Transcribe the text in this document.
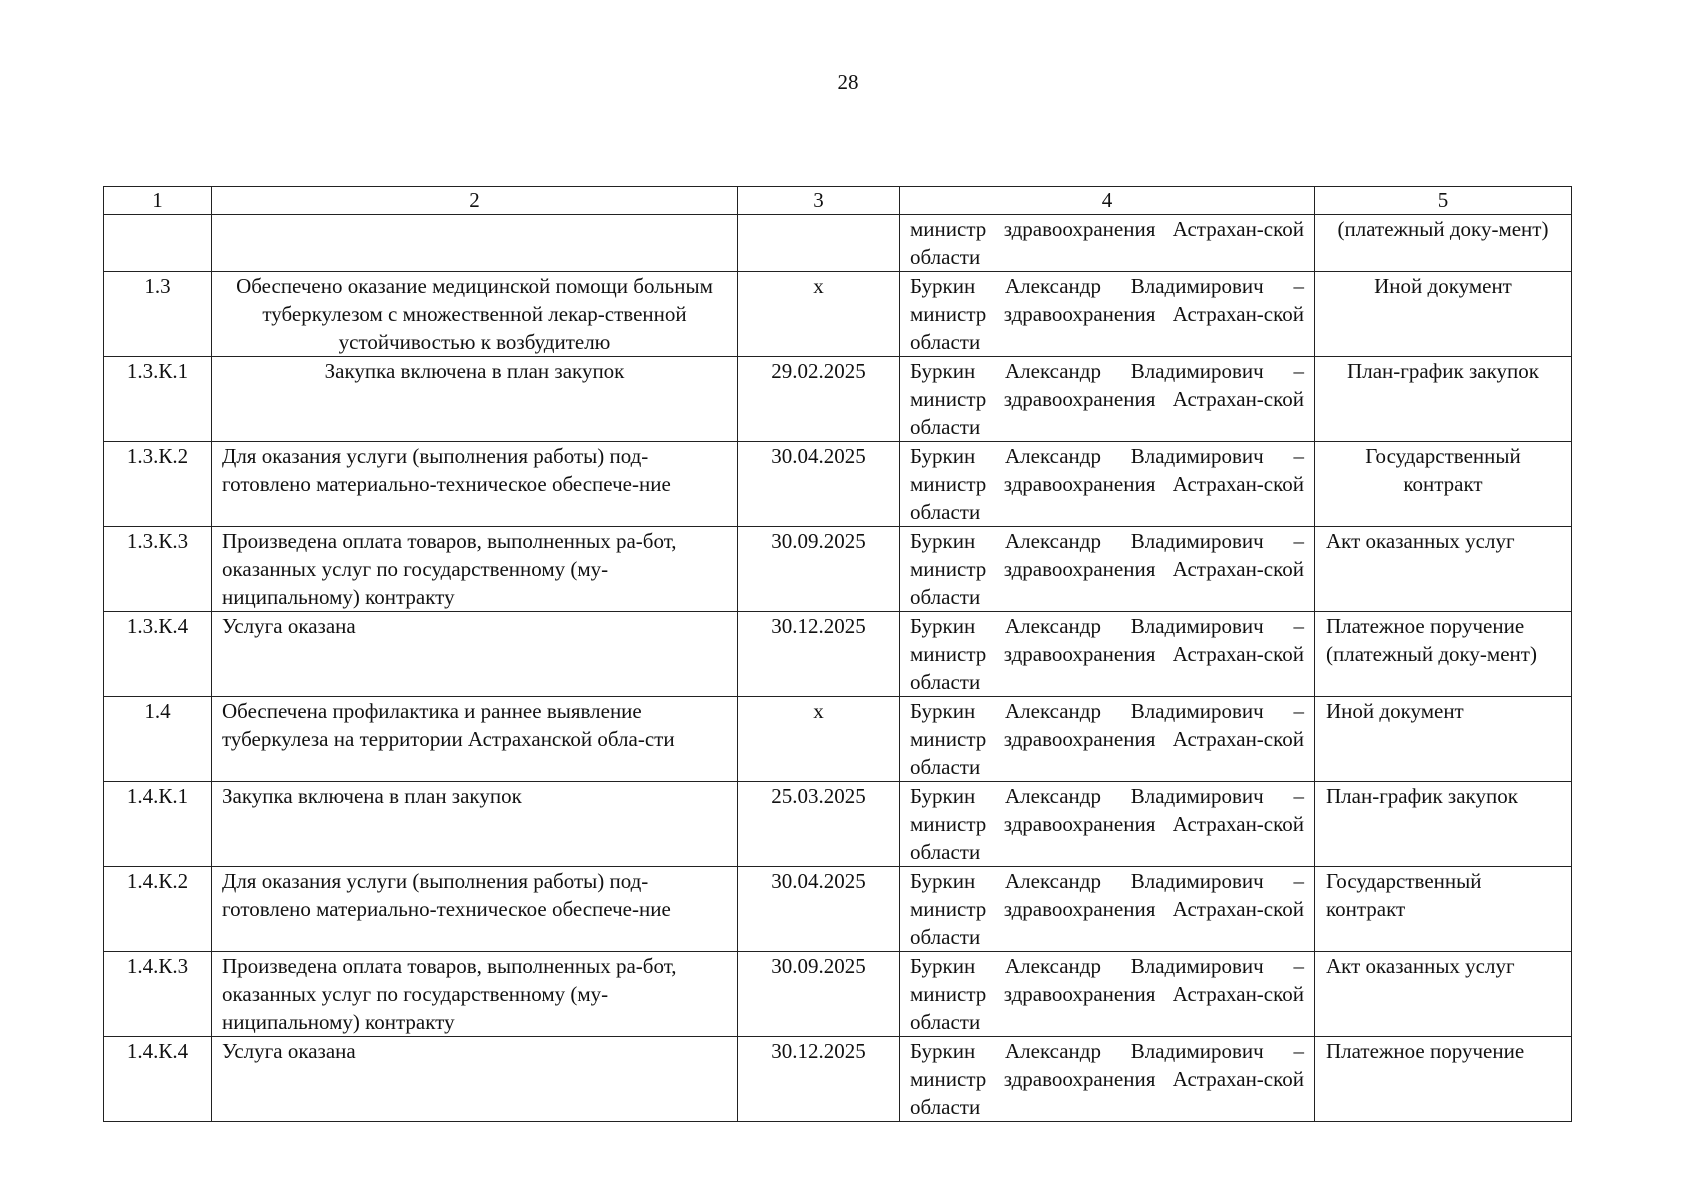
28
1	2	3	4	5
			министр здравоохранения Астрахан-ской области	(платежный доку-мент)
1.3	Обеспечено оказание медицинской помощи больным туберкулезом с множественной лекар-ственной устойчивостью к возбудителю	х	Буркин Александр Владимирович – министр здравоохранения Астрахан-ской области	Иной документ
1.3.К.1	Закупка включена в план закупок	29.02.2025	Буркин Александр Владимирович – министр здравоохранения Астрахан-ской области	План-график закупок
1.3.К.2	Для оказания услуги (выполнения работы) под-готовлено материально-техническое обеспече-ние	30.04.2025	Буркин Александр Владимирович – министр здравоохранения Астрахан-ской области	Государственный контракт
1.3.К.3	Произведена оплата товаров, выполненных ра-бот, оказанных услуг по государственному (му-ниципальному) контракту	30.09.2025	Буркин Александр Владимирович – министр здравоохранения Астрахан-ской области	Акт оказанных услуг
1.3.К.4	Услуга оказана	30.12.2025	Буркин Александр Владимирович – министр здравоохранения Астрахан-ской области	Платежное поручение (платежный доку-мент)
1.4	Обеспечена профилактика и раннее выявление туберкулеза на территории Астраханской обла-сти	х	Буркин Александр Владимирович – министр здравоохранения Астрахан-ской области	Иной документ
1.4.К.1	Закупка включена в план закупок	25.03.2025	Буркин Александр Владимирович – министр здравоохранения Астрахан-ской области	План-график закупок
1.4.К.2	Для оказания услуги (выполнения работы) под-готовлено материально-техническое обеспече-ние	30.04.2025	Буркин Александр Владимирович – министр здравоохранения Астрахан-ской области	Государственный контракт
1.4.К.3	Произведена оплата товаров, выполненных ра-бот, оказанных услуг по государственному (му-ниципальному) контракту	30.09.2025	Буркин Александр Владимирович – министр здравоохранения Астрахан-ской области	Акт оказанных услуг
1.4.К.4	Услуга оказана	30.12.2025	Буркин Александр Владимирович – министр здравоохранения Астрахан-ской области	Платежное поручение
